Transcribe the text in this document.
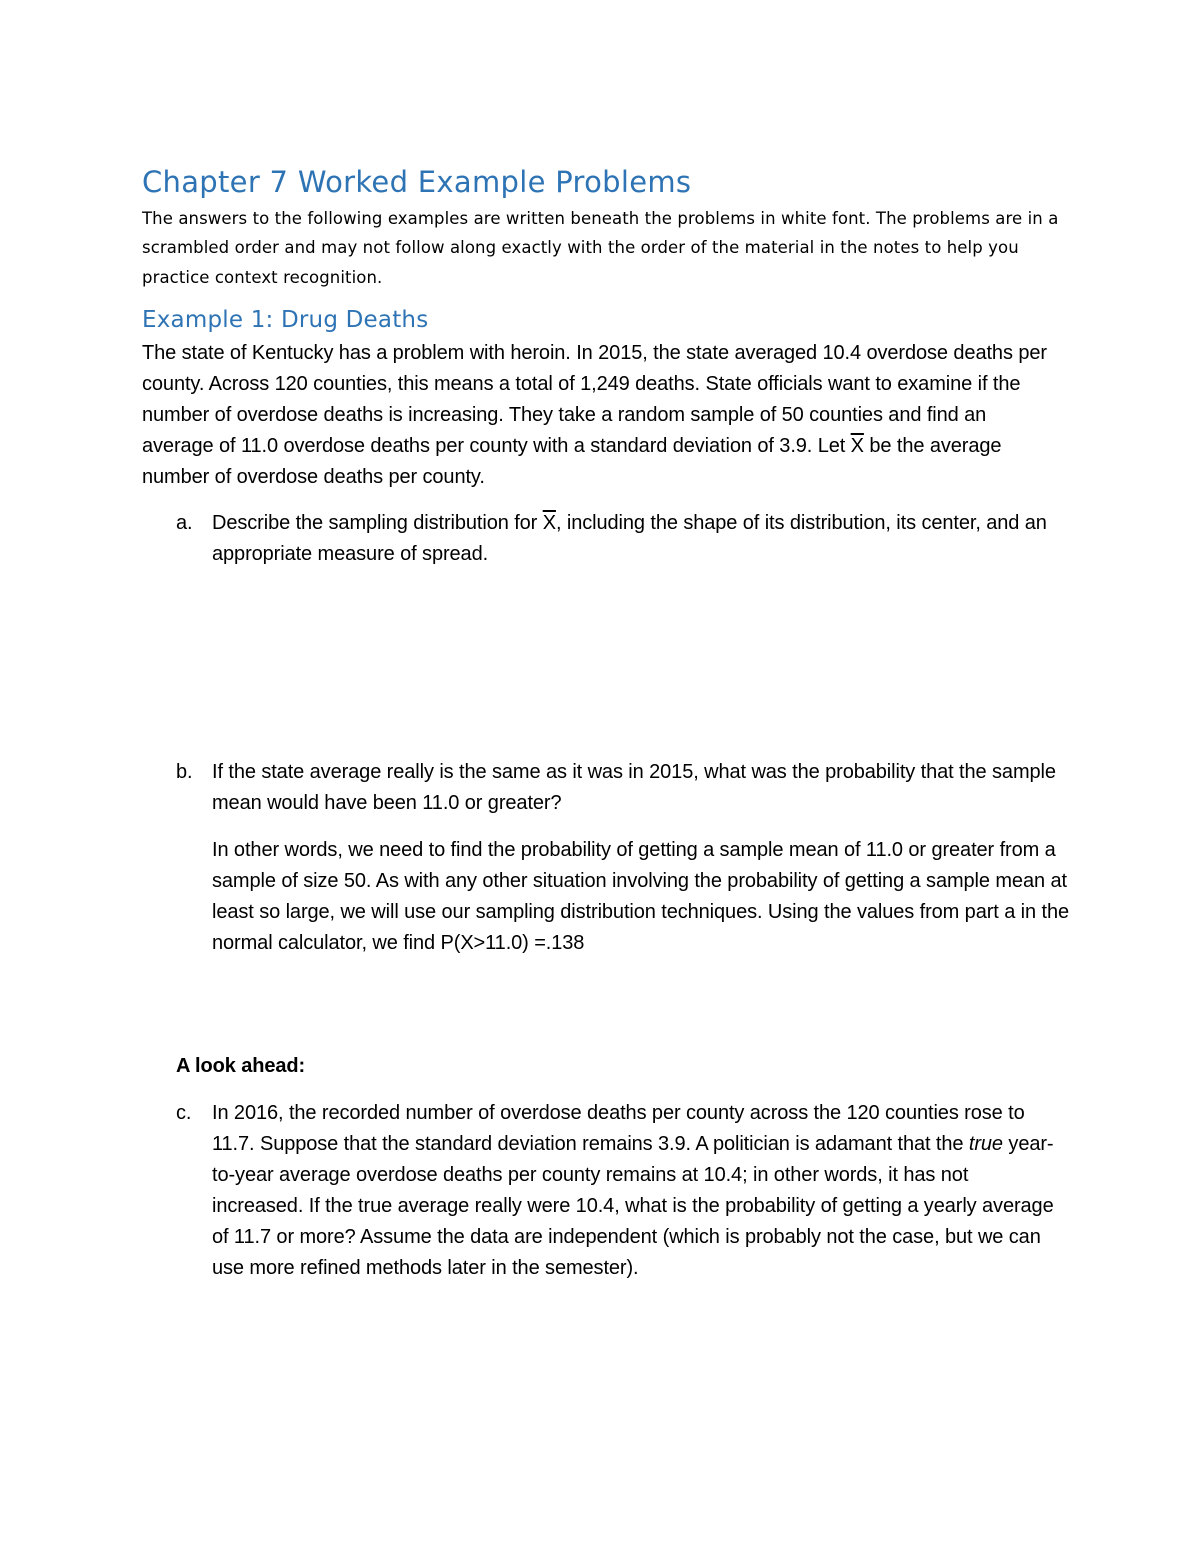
Chapter 7 Worked Example Problems

The answers to the following examples are written beneath the problems in white font. The problems are in a scrambled order and may not follow along exactly with the order of the material in the notes to help you practice context recognition.

Example 1: Drug Deaths

The state of Kentucky has a problem with heroin. In 2015, the state averaged 10.4 overdose deaths per county. Across 120 counties, this means a total of 1,249 deaths. State officials want to examine if the number of overdose deaths is increasing. They take a random sample of 50 counties and find an average of 11.0 overdose deaths per county with a standard deviation of 3.9. Let $\overline{X}$ be the average number of overdose deaths per county.

a. Describe the sampling distribution for $\overline{X}$, including the shape of its distribution, its center, and an appropriate measure of spread.
b. If the state average really is the same as it was in 2015, what was the probability that the sample mean would have been 11.0 or greater?

In other words, we need to find the probability of getting a sample mean of 11.0 or greater from a sample of size 50. As with any other situation involving the probability of getting a sample mean at least so large, we will use our sampling distribution techniques. Using the values from part a in the normal calculator, we find P(X>11.0) =.138

A look ahead:

c.	In 2016, the recorded number of overdose deaths per county across the 120 counties rose to 11.7. Suppose that the standard deviation remains 3.9. A politician is adamant that the true year-to-year average overdose deaths per county remains at 10.4; in other words, it has not increased. If the true average really were 10.4, what is the probability of getting a yearly average of 11.7 or more? Assume the data are independent (which is probably not the case, but we can use more refined methods later in the semester).
